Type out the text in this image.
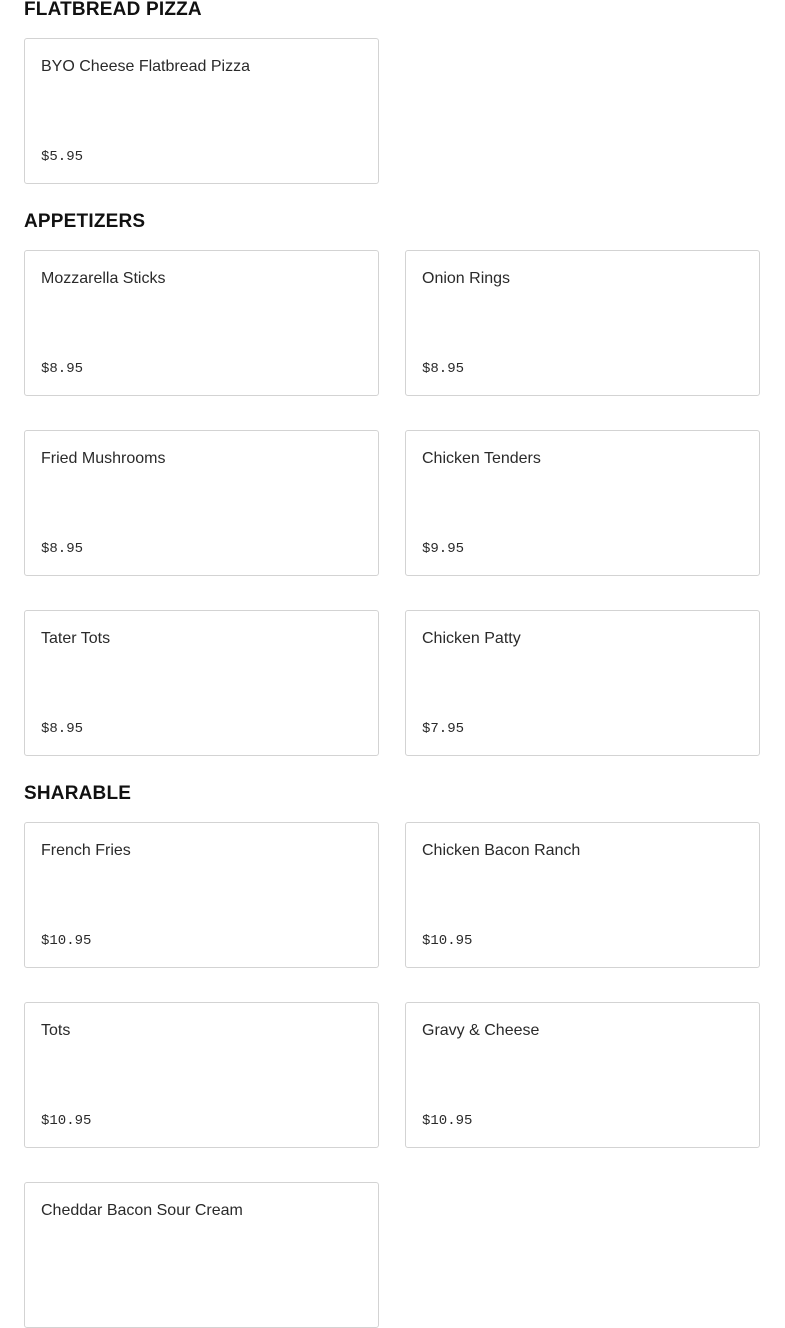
FLATBREAD PIZZA
BYO Cheese Flatbread Pizza
$5.95
APPETIZERS
Mozzarella Sticks
$8.95
Onion Rings
$8.95
Fried Mushrooms
$8.95
Chicken Tenders
$9.95
Tater Tots
$8.95
Chicken Patty
$7.95
SHARABLE
French Fries
$10.95
Chicken Bacon Ranch
$10.95
Tots
$10.95
Gravy & Cheese
$10.95
Cheddar Bacon Sour Cream
